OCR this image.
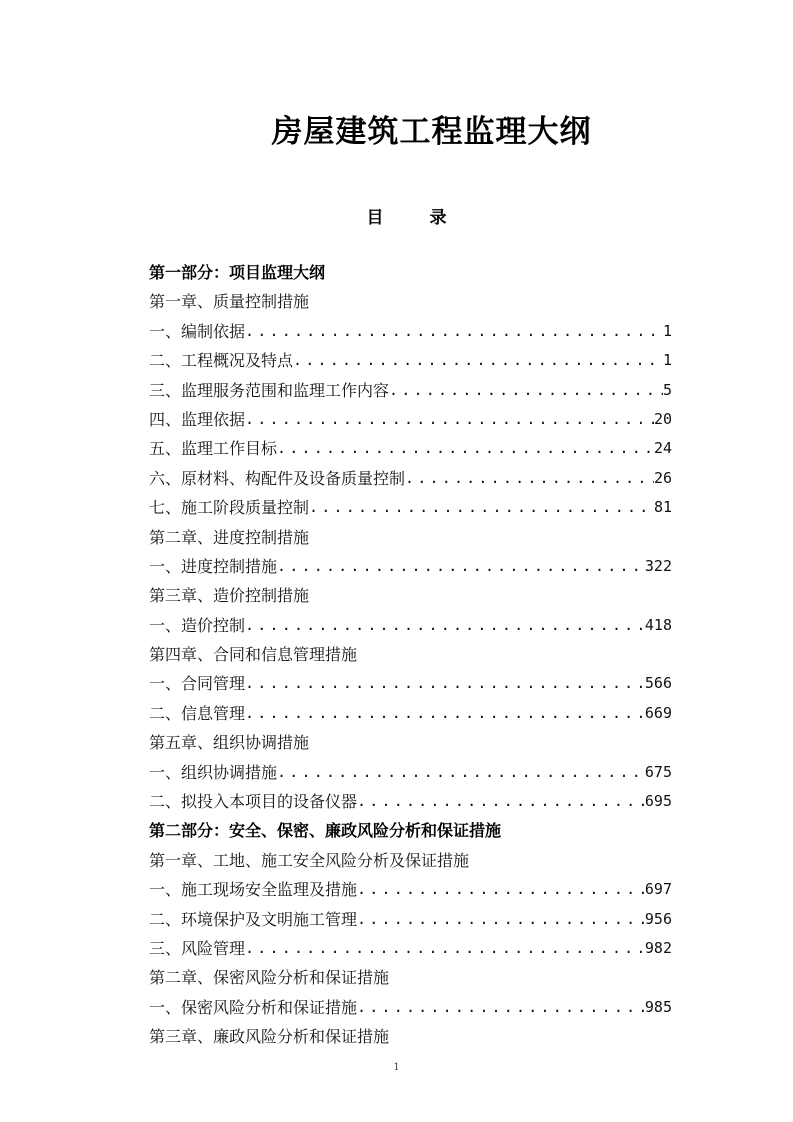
房屋建筑工程监理大纲
目 录
第一部分：项目监理大纲
第一章、质量控制措施
一、编制依据 .....	1
二、工程概况及特点 .....	1
三、监理服务范围和监理工作内容 .....	5
四、监理依据 .....	20
五、监理工作目标 .....	24
六、原材料、构配件及设备质量控制 .....	26
七、施工阶段质量控制 .....	81
第二章、进度控制措施
一、进度控制措施 .....	322
第三章、造价控制措施
一、造价控制 .....	418
第四章、合同和信息管理措施
一、合同管理 .....	566
二、信息管理 .....	669
第五章、组织协调措施
一、组织协调措施 .....	675
二、拟投入本项目的设备仪器 .....	695
第二部分：安全、保密、廉政风险分析和保证措施
第一章、工地、施工安全风险分析及保证措施
一、施工现场安全监理及措施 .....	697
二、环境保护及文明施工管理 .....	956
三、风险管理 .....	982
第二章、保密风险分析和保证措施
一、保密风险分析和保证措施 .....	985
第三章、廉政风险分析和保证措施
1
